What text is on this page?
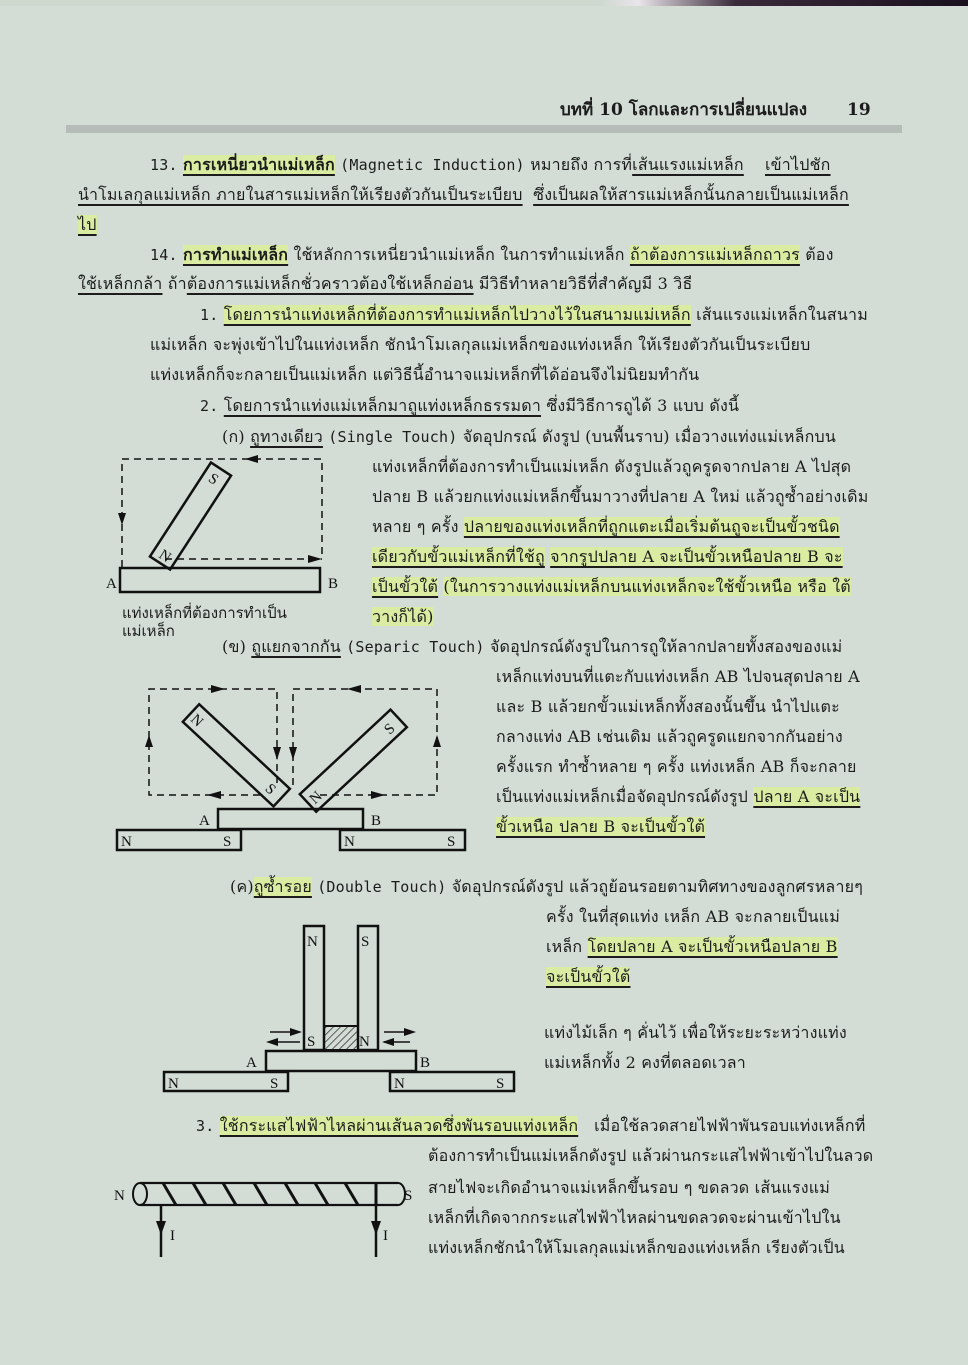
บทที่ 10 โลกและการเปลี่ยนแปลง 19
13. การเหนี่ยวนำแม่เหล็ก (Magnetic Induction) หมายถึง การที่เส้นแรงแม่เหล็ก เข้าไปชัก
นำโมเลกุลแม่เหล็ก ภายในสารแม่เหล็กให้เรียงตัวกันเป็นระเบียบ ซึ่งเป็นผลให้สารแม่เหล็กนั้นกลายเป็นแม่เหล็ก
ไป
14. การทำแม่เหล็ก ใช้หลักการเหนี่ยวนำแม่เหล็ก ในการทำแม่เหล็ก ถ้าต้องการแม่เหล็กถาวร ต้อง
ใช้เหล็กกล้า ถ้าต้องการแม่เหล็กชั่วคราวต้องใช้เหล็กอ่อน มีวิธีทำหลายวิธีที่สำคัญมี 3 วิธี
1. โดยการนำแท่งเหล็กที่ต้องการทำแม่เหล็กไปวางไว้ในสนามแม่เหล็ก เส้นแรงแม่เหล็กในสนาม
แม่เหล็ก จะพุ่งเข้าไปในแท่งเหล็ก ชักนำโมเลกุลแม่เหล็กของแท่งเหล็ก ให้เรียงตัวกันเป็นระเบียบ
แท่งเหล็กก็จะกลายเป็นแม่เหล็ก แต่วิธีนี้อำนาจแม่เหล็กที่ได้อ่อนจึงไม่นิยมทำกัน
2. โดยการนำแท่งแม่เหล็กมาถูแท่งเหล็กธรรมดา ซึ่งมีวิธีการถูได้ 3 แบบ ดังนี้
(ก) ถูทางเดียว (Single Touch) จัดอุปกรณ์ ดังรูป (บนพื้นราบ) เมื่อวางแท่งแม่เหล็กบน
แท่งเหล็กที่ต้องการทำเป็นแม่เหล็ก ดังรูปแล้วถูครูดจากปลาย A ไปสุด
ปลาย B แล้วยกแท่งแม่เหล็กขึ้นมาวางที่ปลาย A ใหม่ แล้วถูซ้ำอย่างเดิม
หลาย ๆ ครั้ง ปลายของแท่งเหล็กที่ถูกแตะเมื่อเริ่มต้นถูจะเป็นขั้วชนิด
เดียวกับขั้วแม่เหล็กที่ใช้ถู จากรูปปลาย A จะเป็นขั้วเหนือปลาย B จะ
เป็นขั้วใต้ (ในการวางแท่งแม่เหล็กบนแท่งเหล็กจะใช้ขั้วเหนือ หรือ ใต้
วางก็ได้)
N
S
A	B
แท่งเหล็กที่ต้องการทำเป็น
แม่เหล็ก
(ข) ถูแยกจากกัน (Separic Touch) จัดอุปกรณ์ดังรูปในการถูให้ลากปลายทั้งสองของแม่
เหล็กแท่งบนที่แตะกับแท่งเหล็ก AB ไปจนสุดปลาย A
และ B แล้วยกขั้วแม่เหล็กทั้งสองนั้นขึ้น นำไปแตะ
กลางแท่ง AB เช่นเดิม แล้วถูครูดแยกจากกันอย่าง
ครั้งแรก ทำซ้ำหลาย ๆ ครั้ง แท่งเหล็ก AB ก็จะกลาย
เป็นแท่งแม่เหล็กเมื่อจัดอุปกรณ์ดังรูป ปลาย A จะเป็น
ขั้วเหนือ ปลาย B จะเป็นขั้วใต้
N
S N
S
A	B
N	S	N	S
(ค)ถูซ้ำรอย (Double Touch) จัดอุปกรณ์ดังรูป แล้วถูย้อนรอยตามทิศทางของลูกศรหลายๆ
ครั้ง ในที่สุดแท่ง เหล็ก AB จะกลายเป็นแม่
เหล็ก โดยปลาย A จะเป็นขั้วเหนือปลาย B
จะเป็นขั้วใต้
แท่งไม้เล็ก ๆ คั่นไว้ เพื่อให้ระยะระหว่างแท่ง
แม่เหล็กทั้ง 2 คงที่ตลอดเวลา
N
S
S
N
A	B
N	S	N	S
3. ใช้กระแสไฟฟ้าไหลผ่านเส้นลวดซึ่งพันรอบแท่งเหล็ก เมื่อใช้ลวดสายไฟฟ้าพันรอบแท่งเหล็กที่
ต้องการทำเป็นแม่เหล็กดังรูป แล้วผ่านกระแสไฟฟ้าเข้าไปในลวด
สายไฟจะเกิดอำนาจแม่เหล็กขึ้นรอบ ๆ ขดลวด เส้นแรงแม่
เหล็กที่เกิดจากกระแสไฟฟ้าไหลผ่านขดลวดจะผ่านเข้าไปใน
แท่งเหล็กชักนำให้โมเลกุลแม่เหล็กของแท่งเหล็ก เรียงตัวเป็น
N	S
I	I
